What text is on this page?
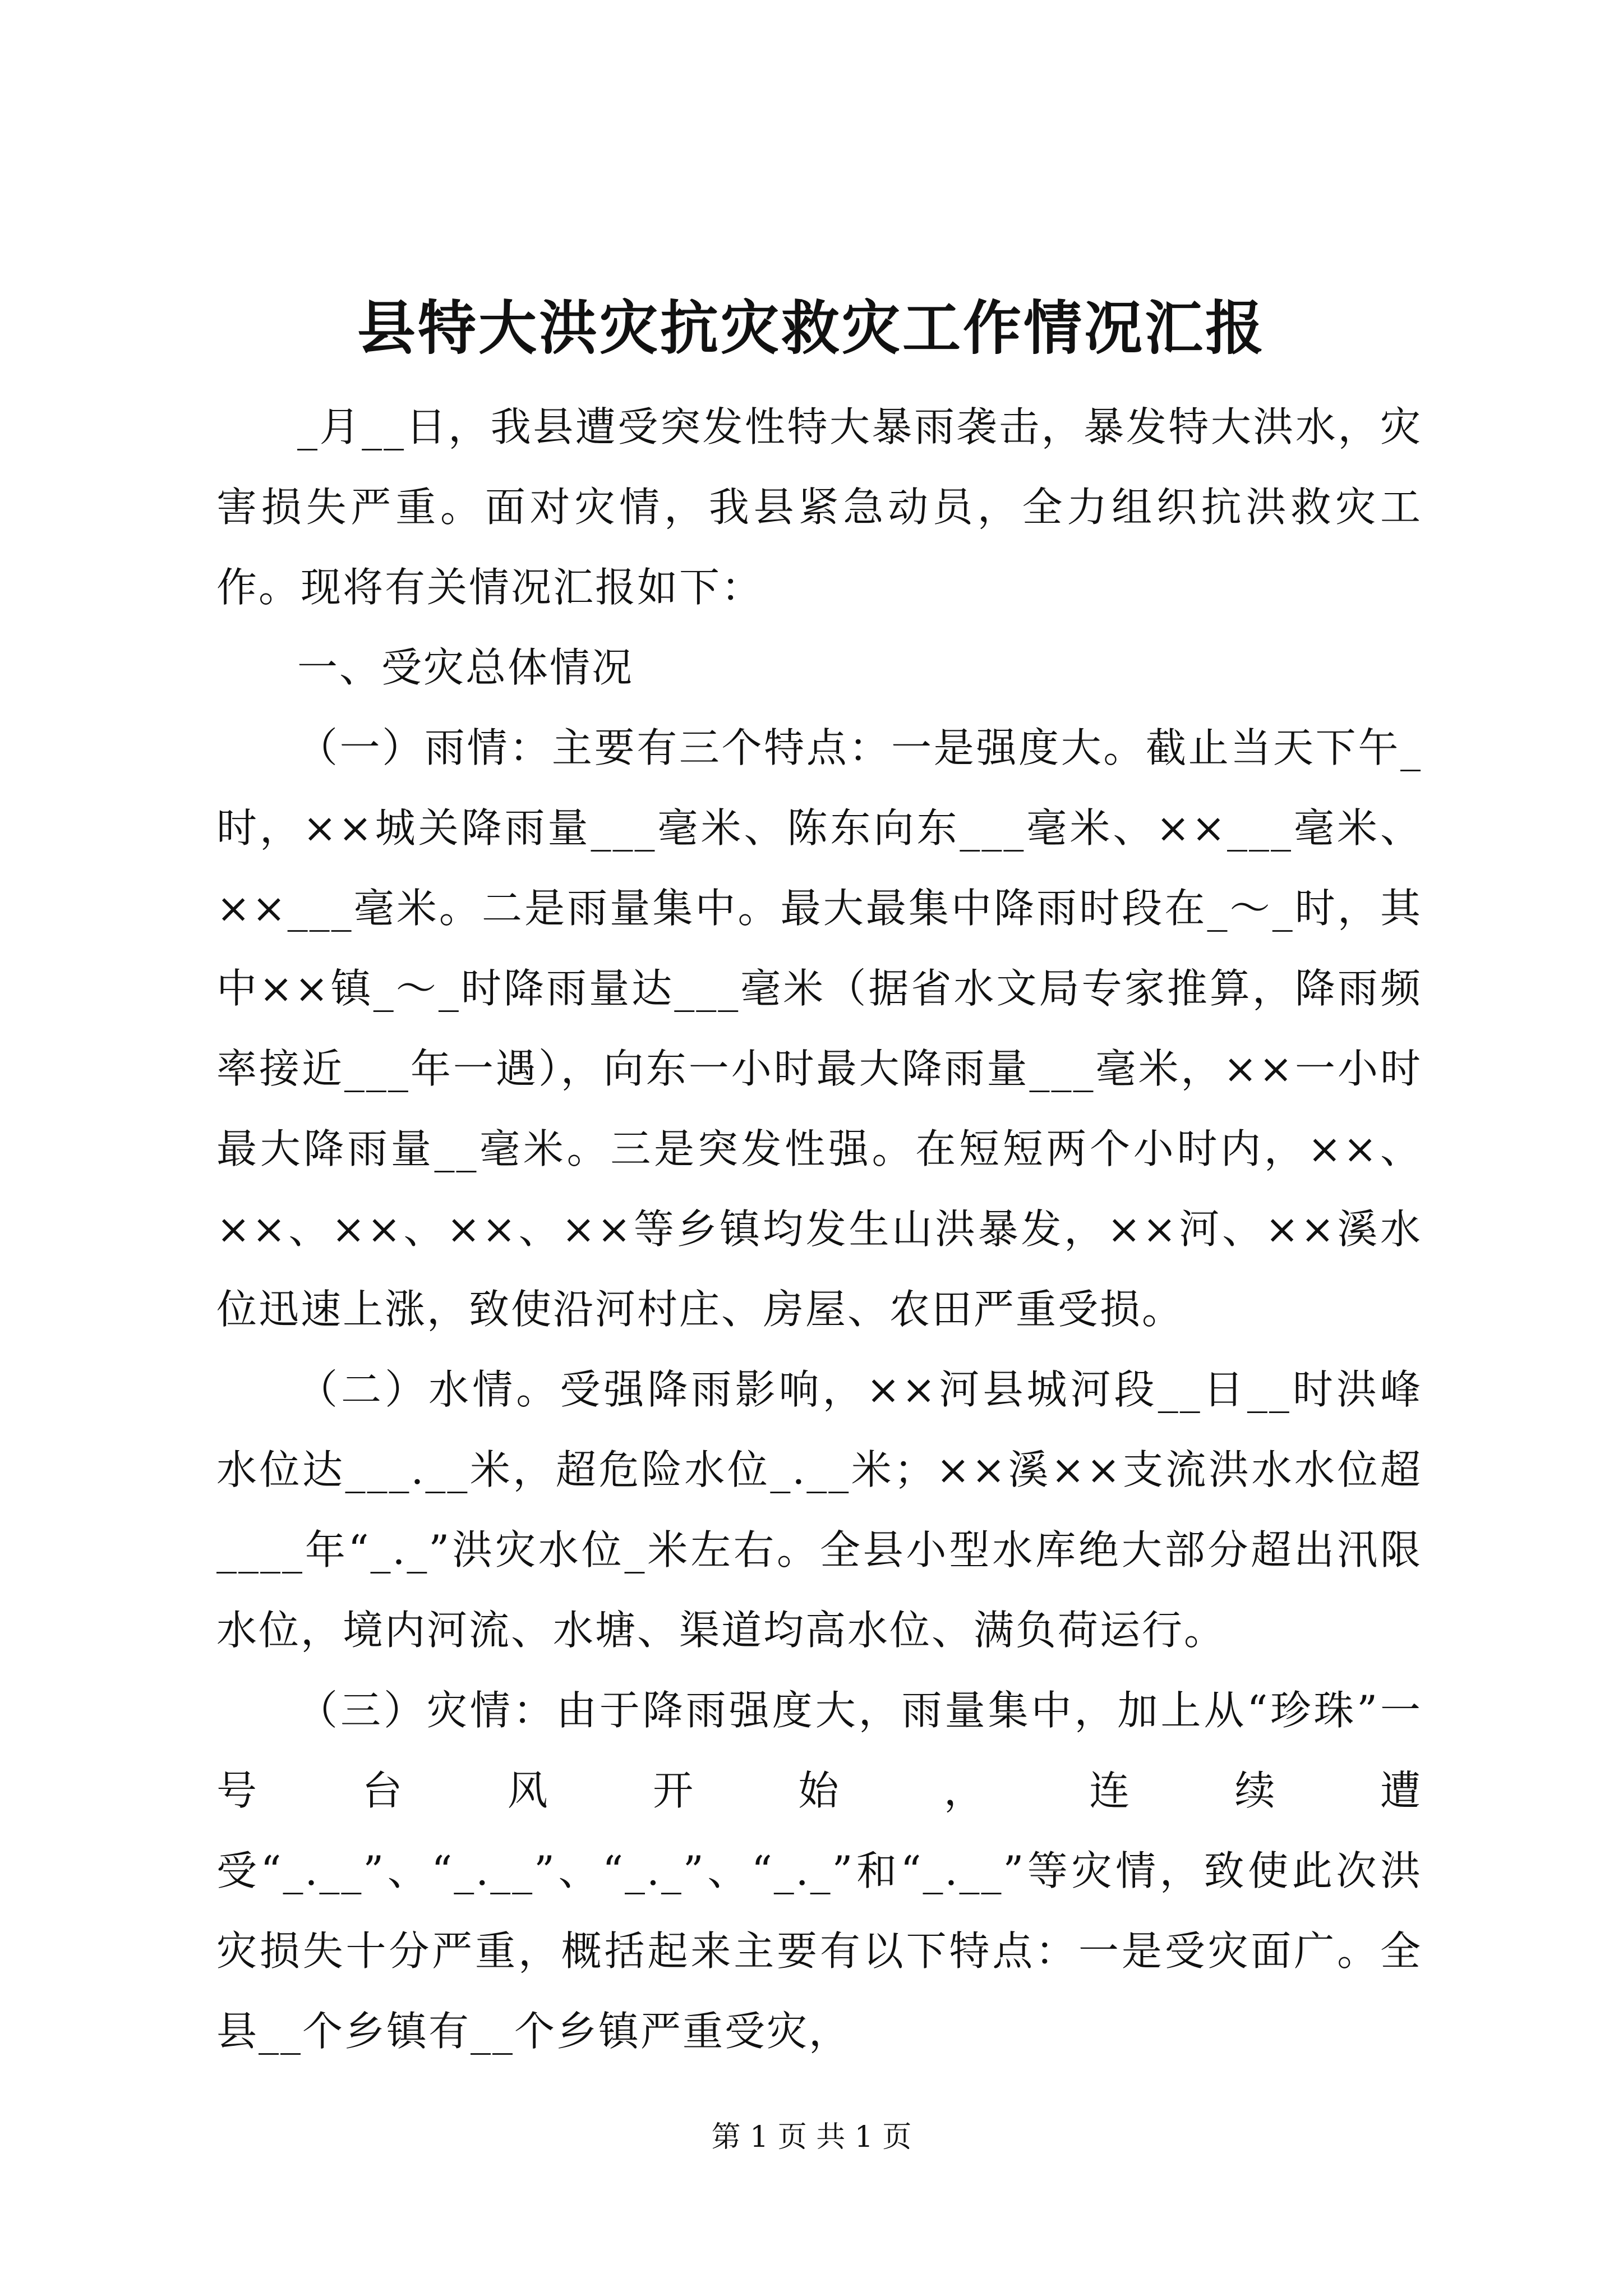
县特大洪灾抗灾救灾工作情况汇报

_月__日，我县遭受突发性特大暴雨袭击，暴发特大洪水，灾害损失严重。面对灾情，我县紧急动员，全力组织抗洪救灾工作。现将有关情况汇报如下：

一、受灾总体情况

（一）雨情：主要有三个特点：一是强度大。截止当天下午_时，××城关降雨量___毫米、陈东向东___毫米、××___毫米、××___毫米。二是雨量集中。最大最集中降雨时段在_～_时，其中××镇_～_时降雨量达___毫米（据省水文局专家推算，降雨频率接近___年一遇），向东一小时最大降雨量___毫米，××一小时最大降雨量__毫米。三是突发性强。在短短两个小时内，××、××、××、××、××等乡镇均发生山洪暴发，××河、××溪水位迅速上涨，致使沿河村庄、房屋、农田严重受损。

（二）水情。受强降雨影响，××河县城河段__日__时洪峰水位达___.__米，超危险水位_.__米；××溪××支流洪水水位超____年“_._”洪灾水位_米左右。全县小型水库绝大部分超出汛限水位，境内河流、水塘、渠道均高水位、满负荷运行。

（三）灾情：由于降雨强度大，雨量集中，加上从“珍珠”一号台风开始，连续遭受“_.__”、“_.__”、“_._”、“_._”和“_.__”等灾情，致使此次洪灾损失十分严重，概括起来主要有以下特点：一是受灾面广。全县__个乡镇有__个乡镇严重受灾，

第 1 页 共 1 页
